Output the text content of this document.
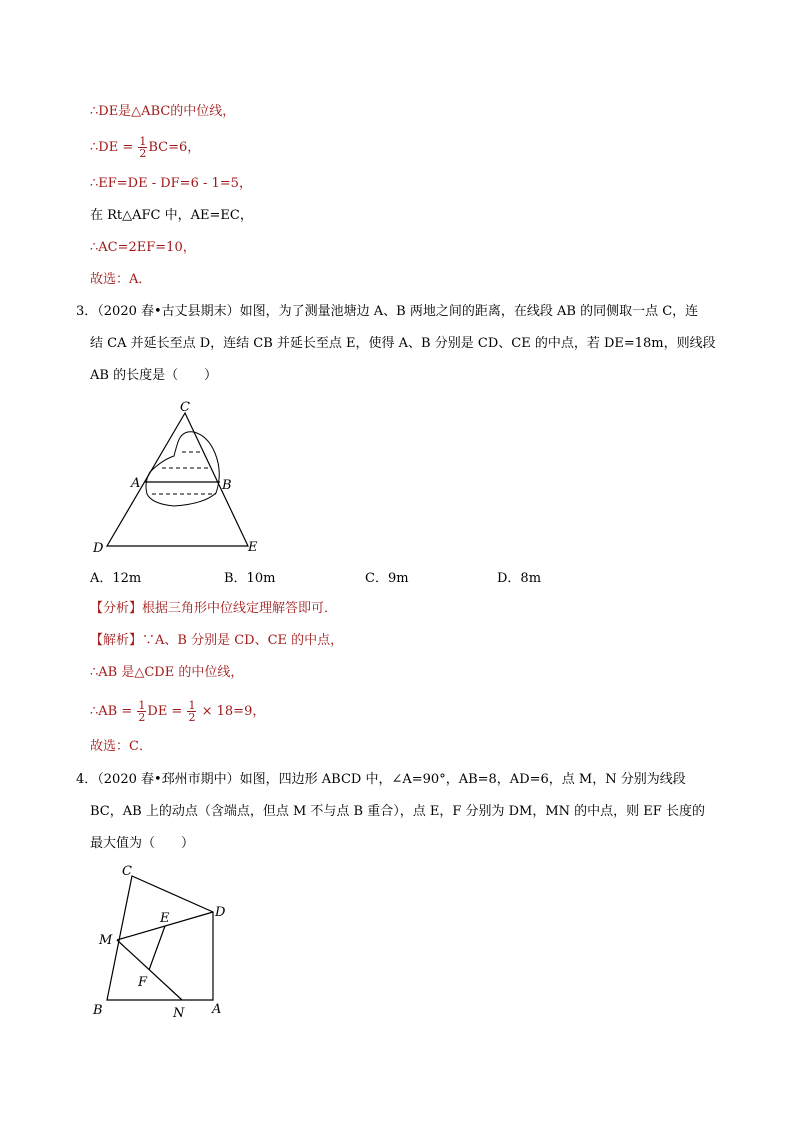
∴DE是△ABC的中位线，
∴DE = $\frac{1}{2} BC=6$，
∴EF=DE - DF=6 - 1=5，
在 Rt△AFC 中，AE=EC，
∴AC=2EF=10，
故选：A．
3．（2020 春•古丈县期末）如图，为了测量池塘边 A、B 两地之间的距离，在线段 AB 的同侧取一点 C，连
结 CA 并延长至点 D，连结 CB 并延长至点 E，使得 A、B 分别是 CD、CE 的中点，若 DE=18m，则线段
AB 的长度是（　　）
C
A	B
D	E
A．12m	B．10m	C．9m	D．8m
【分析】根据三角形中位线定理解答即可．
【解析】∵A、B 分别是 CD、CE 的中点，
∴AB 是△CDE 的中位线，
∴AB = $\frac{1}{2}$ DE = $\frac{1}{2} \times 18=9$，
故选：C．
4．（2020 春•邳州市期中）如图，四边形 ABCD 中，∠A=90°，AB=8，AD=6，点 M，N 分别为线段
BC，AB 上的动点（含端点，但点 M 不与点 B 重合），点 E，F 分别为 DM，MN 的中点，则 EF 长度的
最大值为（　　）
C
D
E
M
F
B	N A
